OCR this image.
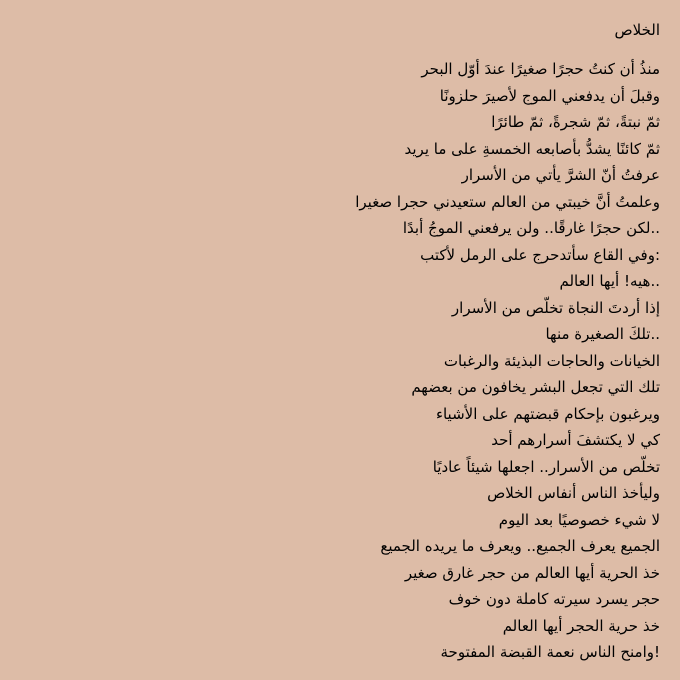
الخلاص
منذُ أن كنتُ حجرًا صغيرًا عندَ أوّل البحر
وقبلَ أن يدفعني الموج لأصيرَ حلزونًا
ثمّ نبتةً، ثمّ شجرةً، ثمّ طائرًا
ثمّ كائنًا يشدُّ بأصابعه الخمسةِ على ما يريد
عرفتُ أنّ الشرَّ يأتي من الأسرار
وعلمتُ أنَّ خيبتي من العالم ستعيدني حجرا صغيرا
..لكن حجرًا غارقًا.. ولن يرفعني الموجُ أبدًا
:وفي القاع سأتدحرج على الرمل لأكتب
..هيه! أيها العالم
إذا أردتَ النجاة تخلّص من الأسرار
..تلكَ الصغيرة منها
الخيانات والحاجات البذيئة والرغبات
تلك التي تجعل البشر يخافون من بعضهم
ويرغبون بإحكام قبضتهم على الأشياء
كي لا يكتشفَ أسرارهم أحد
تخلّص من الأسرار.. اجعلها شيئاً عاديًا
وليأخذ الناس أنفاس الخلاص
لا شيء خصوصيًا بعد اليوم
الجميع يعرف الجميع.. ويعرف ما يريده الجميع
خذ الحرية أيها العالم من حجر غارق صغير
حجر يسرد سيرته كاملة دون خوف
خذ حرية الحجر أيها العالم
!وامنح الناس نعمة القبضة المفتوحة
